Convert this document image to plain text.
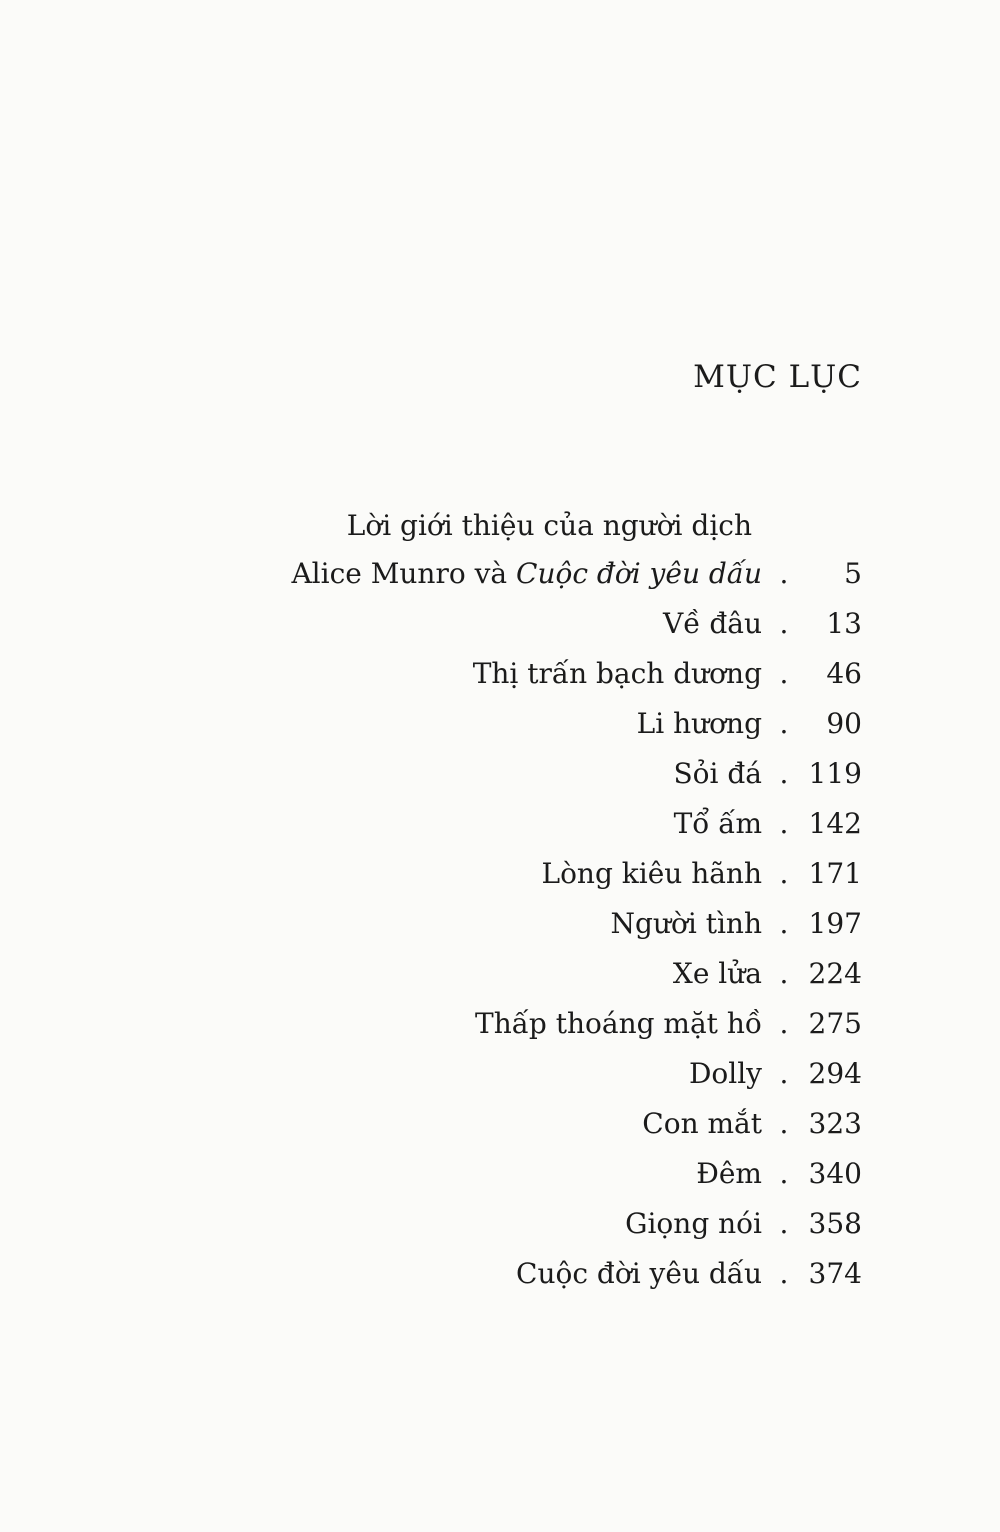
MỤC LỤC
Lời giới thiệu của người dịch
Alice Munro và Cuộc đời yêu dấu .	5
Về đâu .	13
Thị trấn bạch dương .	46
Li hương .	90
Sỏi đá . 119
Tổ ấm . 142
Lòng kiêu hãnh . 171
Người tình . 197
Xe lửa . 224
Thấp thoáng mặt hồ . 275
Dolly . 294
Con mắt . 323
Đêm . 340
Giọng nói . 358
Cuộc đời yêu dấu . 374
